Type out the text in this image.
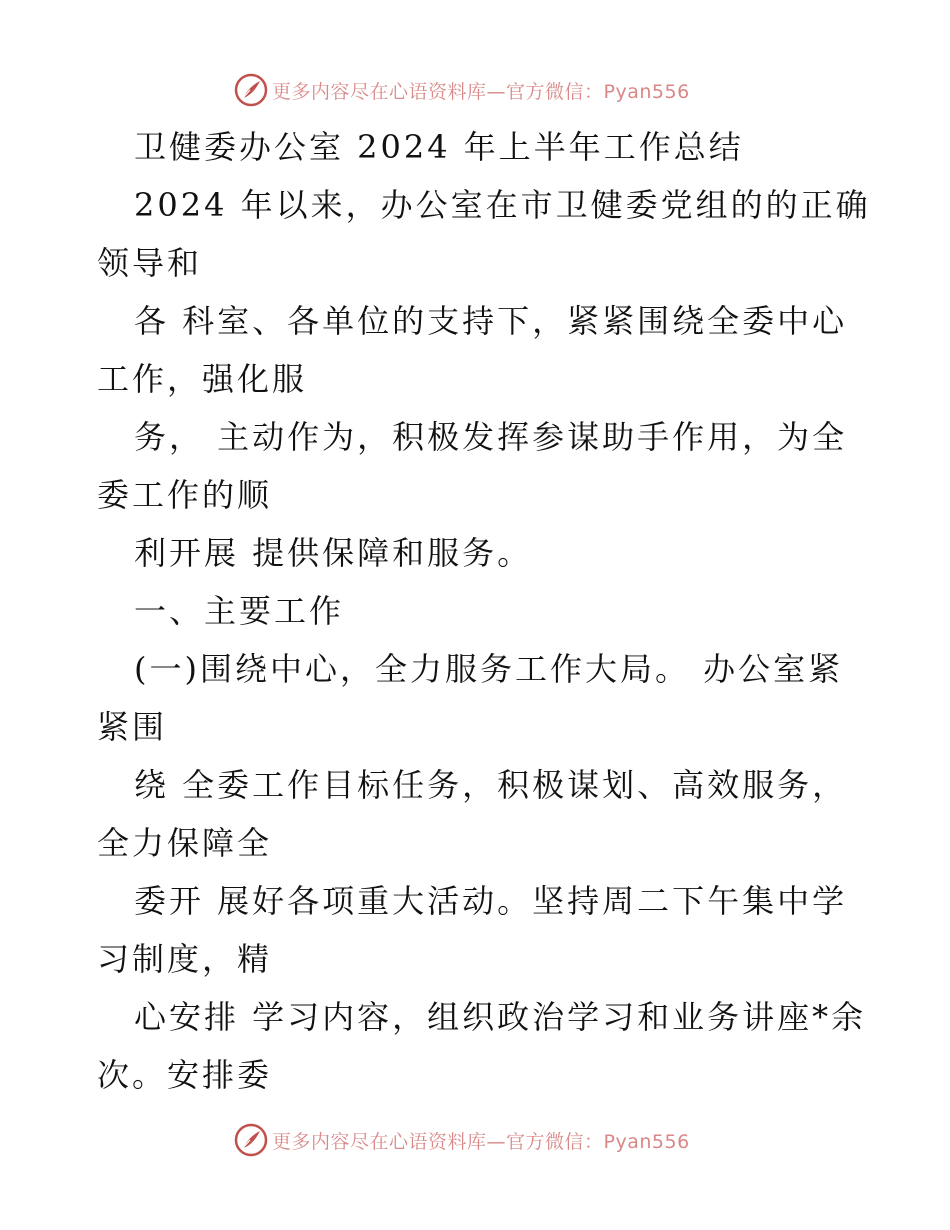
更多内容尽在心语资料库—官方微信：Pyan556
卫健委办公室 2024 年上半年工作总结
2024 年以来，办公室在市卫健委党组的的正确
领导和
各 科室、各单位的支持下，紧紧围绕全委中心
工作，强化服
务， 主动作为，积极发挥参谋助手作用，为全
委工作的顺
利开展 提供保障和服务。
一、主要工作
(一)围绕中心，全力服务工作大局。 办公室紧
紧围
绕 全委工作目标任务，积极谋划、高效服务，
全力保障全
委开 展好各项重大活动。坚持周二下午集中学
习制度，精
心安排 学习内容，组织政治学习和业务讲座*余
次。安排委
更多内容尽在心语资料库—官方微信：Pyan556
